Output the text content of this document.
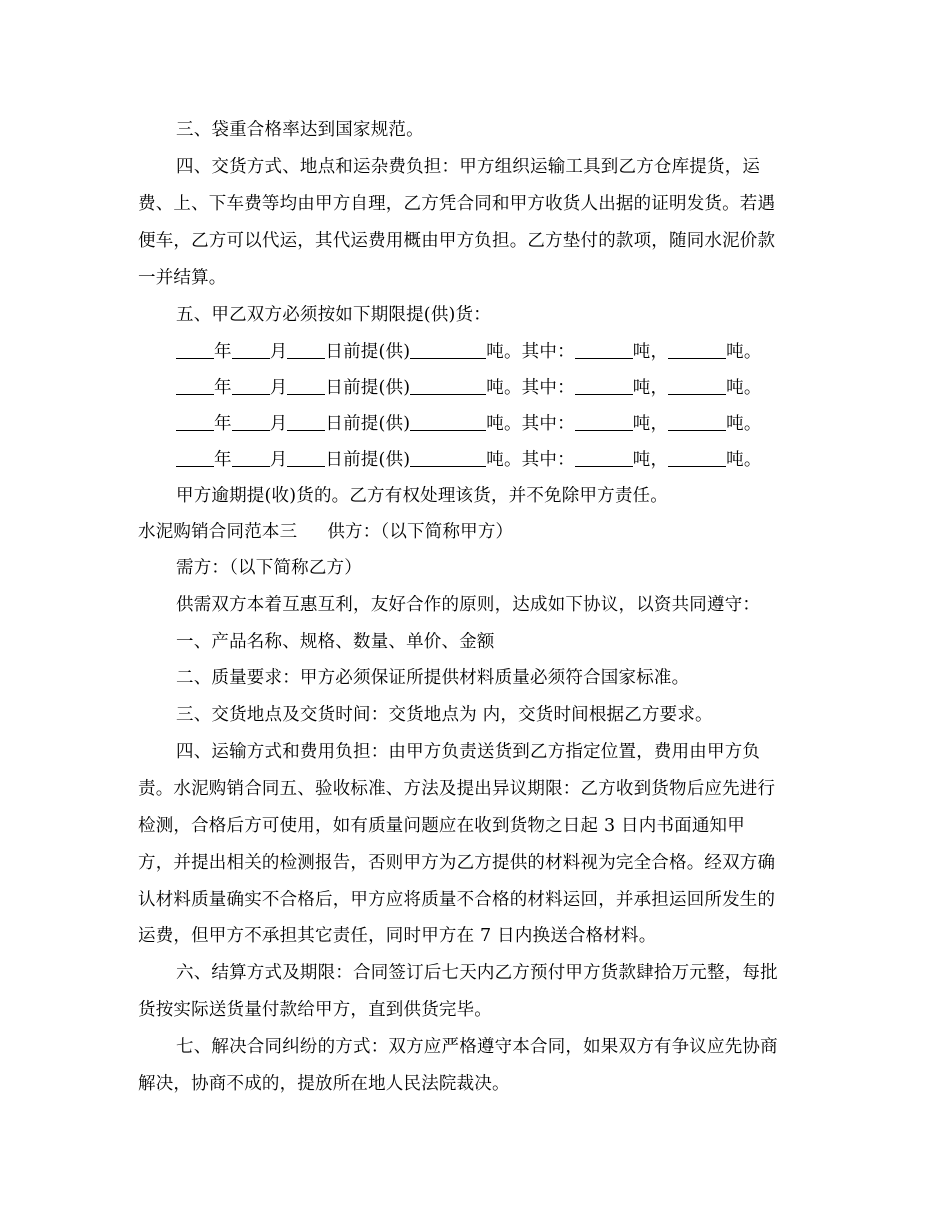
三、袋重合格率达到国家规范。
四、交货方式、地点和运杂费负担：甲方组织运输工具到乙方仓库提货，运
费、上、下车费等均由甲方自理，乙方凭合同和甲方收货人出据的证明发货。若遇
便车，乙方可以代运，其代运费用概由甲方负担。乙方垫付的款项，随同水泥价款
一并结算。
五、甲乙双方必须按如下期限提(供)货：
年 月 日前提(供)	吨。其中：	吨，	吨。
年 月 日前提(供)	吨。其中：	吨，	吨。
年 月 日前提(供)	吨。其中：	吨，	吨。
年 月 日前提(供)	吨。其中：	吨，	吨。
甲方逾期提(收)货的。乙方有权处理该货，并不免除甲方责任。
水泥购销合同范本三 供方：（以下简称甲方）
需方：（以下简称乙方）
供需双方本着互惠互利，友好合作的原则，达成如下协议，以资共同遵守：
一、产品名称、规格、数量、单价、金额
二、质量要求：甲方必须保证所提供材料质量必须符合国家标准。
三、交货地点及交货时间：交货地点为 内，交货时间根据乙方要求。
四、运输方式和费用负担：由甲方负责送货到乙方指定位置，费用由甲方负
责。水泥购销合同五、验收标准、方法及提出异议期限：乙方收到货物后应先进行
检测，合格后方可使用，如有质量问题应在收到货物之日起 3 日内书面通知甲
方，并提出相关的检测报告，否则甲方为乙方提供的材料视为完全合格。经双方确
认材料质量确实不合格后，甲方应将质量不合格的材料运回，并承担运回所发生的
运费，但甲方不承担其它责任，同时甲方在 7 日内换送合格材料。
六、结算方式及期限：合同签订后七天内乙方预付甲方货款肆拾万元整，每批
货按实际送货量付款给甲方，直到供货完毕。
七、解决合同纠纷的方式：双方应严格遵守本合同，如果双方有争议应先协商
解决，协商不成的，提放所在地人民法院裁决。
